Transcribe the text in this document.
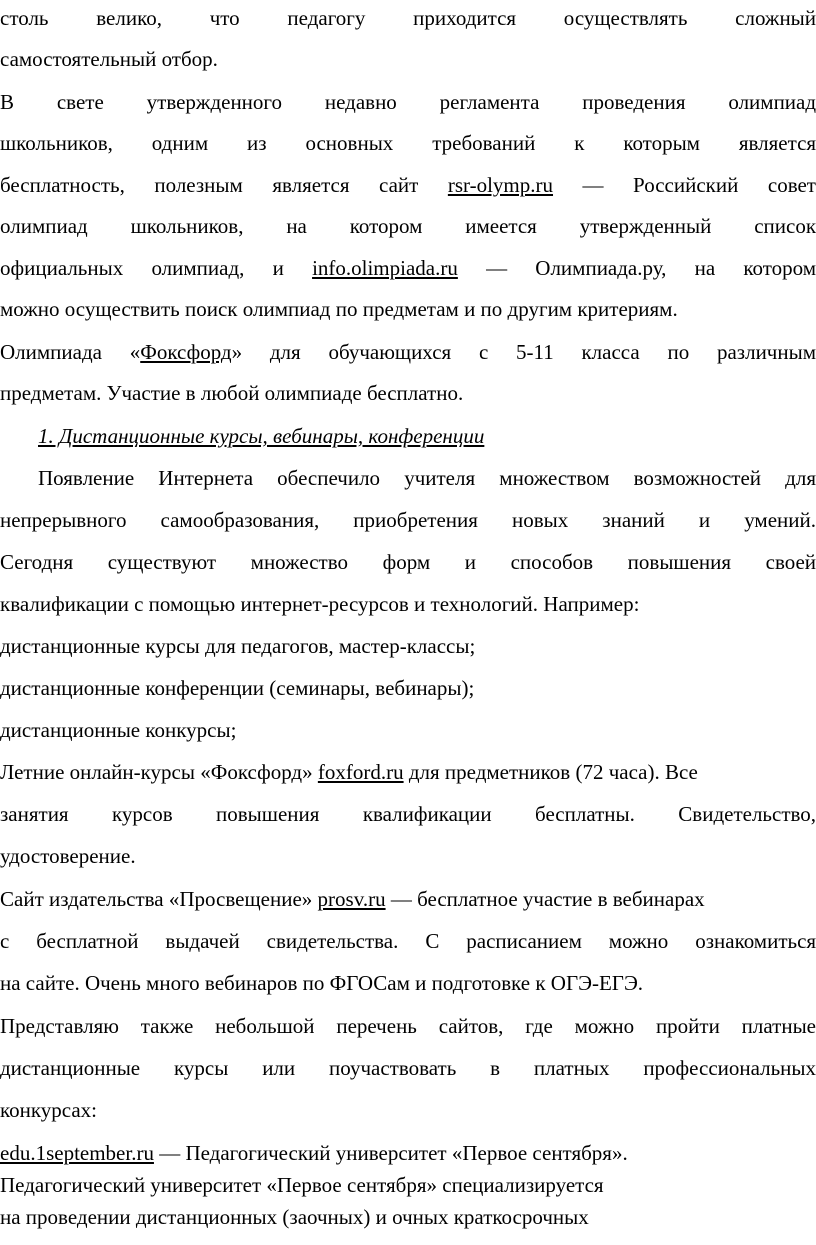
столь велико, что педагогу приходится осуществлять сложный
самостоятельный отбор.
В свете утвержденного недавно регламента проведения олимпиад
школьников, одним из основных требований к которым является
бесплатность, полезным является сайт rsr-olymp.ru — Российский совет
олимпиад школьников, на котором имеется утвержденный список
официальных олимпиад, и info.olimpiada.ru — Олимпиада.ру, на котором
можно осуществить поиск олимпиад по предметам и по другим критериям.
Олимпиада «Фоксфорд» для обучающихся с 5-11 класса по различным
предметам. Участие в любой олимпиаде бесплатно.
1. Дистанционные курсы, вебинары, конференции
Появление Интернета обеспечило учителя множеством возможностей для
непрерывного самообразования, приобретения новых знаний и умений.
Сегодня существуют множество форм и способов повышения своей
квалификации с помощью интернет-ресурсов и технологий. Например:
дистанционные курсы для педагогов, мастер-классы;
дистанционные конференции (семинары, вебинары);
дистанционные конкурсы;
Летние онлайн-курсы «Фоксфорд» foxford.ru для предметников (72 часа). Все
занятия курсов повышения квалификации бесплатны. Свидетельство,
удостоверение.
Сайт издательства «Просвещение» prosv.ru — бесплатное участие в вебинарах
с бесплатной выдачей свидетельства. С расписанием можно ознакомиться
на сайте. Очень много вебинаров по ФГОСам и подготовке к ОГЭ-ЕГЭ.
Представляю также небольшой перечень сайтов, где можно пройти платные
дистанционные курсы или поучаствовать в платных профессиональных
конкурсах:
edu.1september.ru — Педагогический университет «Первое сентября».
Педагогический университет «Первое сентября» специализируется
на проведении дистанционных (заочных) и очных краткосрочных
